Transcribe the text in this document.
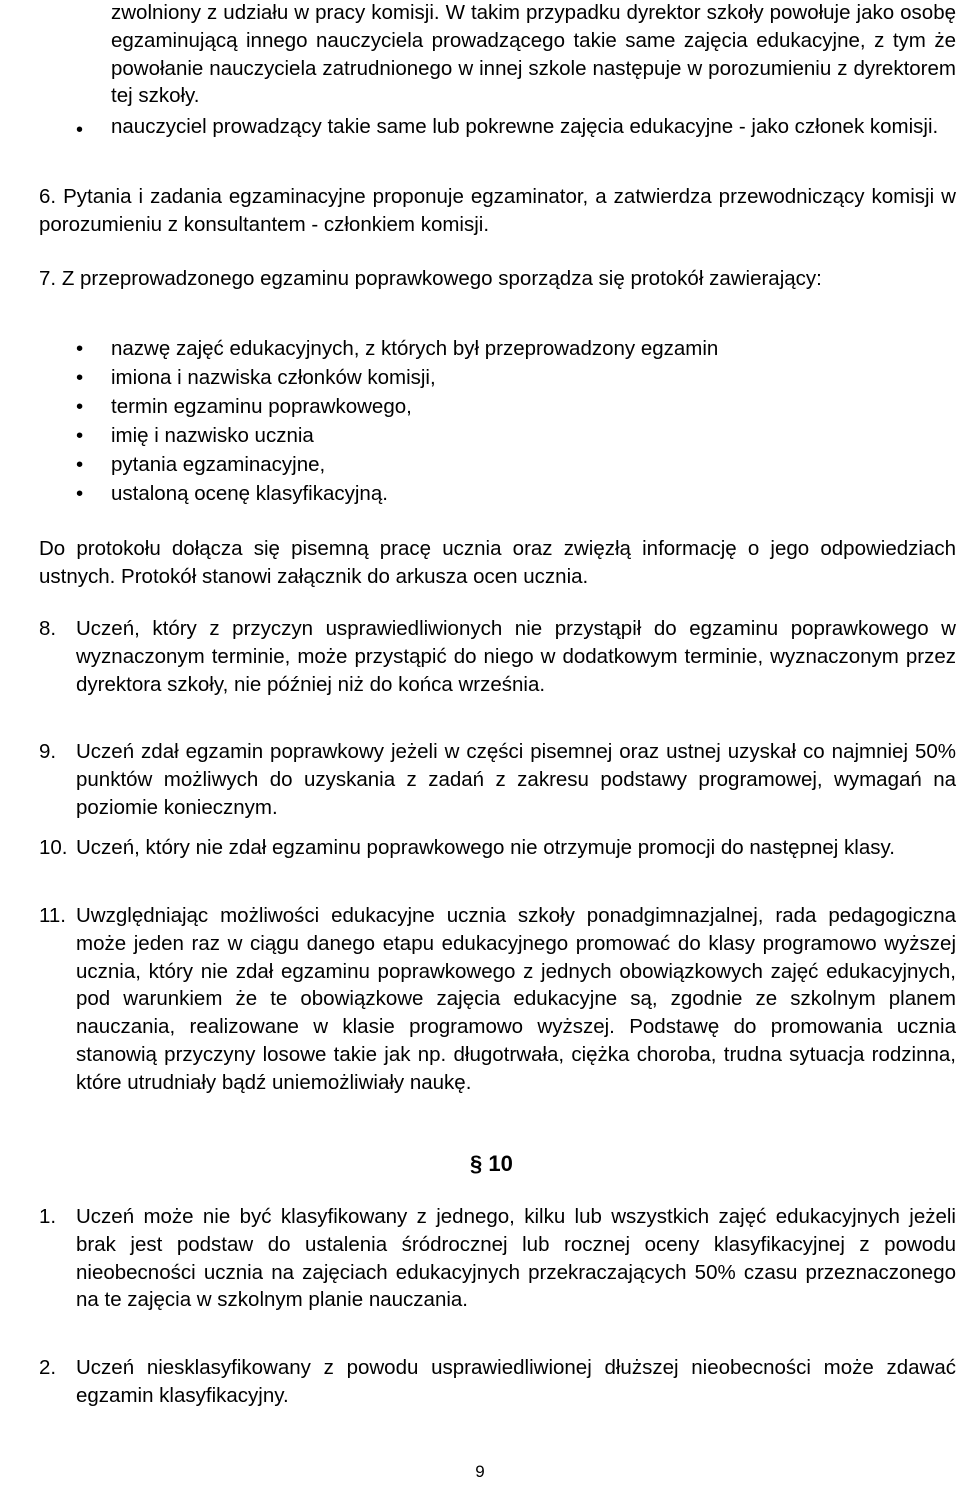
zwolniony z udziału w pracy komisji. W takim przypadku dyrektor szkoły powołuje jako osobę egzaminującą innego nauczyciela prowadzącego takie same zajęcia edukacyjne, z tym że powołanie nauczyciela zatrudnionego w innej szkole następuje w porozumieniu z dyrektorem tej szkoły.
• nauczyciel prowadzący takie same lub pokrewne zajęcia edukacyjne - jako członek komisji.
6. Pytania i zadania egzaminacyjne proponuje egzaminator, a zatwierdza przewodniczący komisji w porozumieniu z konsultantem - członkiem komisji.
7. Z przeprowadzonego egzaminu poprawkowego sporządza się protokół zawierający:
• nazwę zajęć edukacyjnych, z których był przeprowadzony egzamin
• imiona i nazwiska członków komisji,
• termin egzaminu poprawkowego,
• imię i nazwisko ucznia
• pytania egzaminacyjne,
• ustaloną ocenę klasyfikacyjną.
Do protokołu dołącza się pisemną pracę ucznia oraz zwięzłą informację o jego odpowiedziach ustnych. Protokół stanowi załącznik do arkusza ocen ucznia.
8. Uczeń, który z przyczyn usprawiedliwionych nie przystąpił do egzaminu poprawkowego w wyznaczonym terminie, może przystąpić do niego w dodatkowym terminie, wyznaczonym przez dyrektora szkoły, nie później niż do końca września.
9. Uczeń zdał egzamin poprawkowy jeżeli w części pisemnej oraz ustnej uzyskał co najmniej 50% punktów możliwych do uzyskania z zadań z zakresu podstawy programowej, wymagań na poziomie koniecznym.
10. Uczeń, który nie zdał egzaminu poprawkowego nie otrzymuje promocji do następnej klasy.
11. Uwzględniając możliwości edukacyjne ucznia szkoły ponadgimnazjalnej, rada pedagogiczna może jeden raz w ciągu danego etapu edukacyjnego promować do klasy programowo wyższej ucznia, który nie zdał egzaminu poprawkowego z jednych obowiązkowych zajęć edukacyjnych, pod warunkiem że te obowiązkowe zajęcia edukacyjne są, zgodnie ze szkolnym planem nauczania, realizowane w klasie programowo wyższej. Podstawę do promowania ucznia stanowią przyczyny losowe takie jak np. długotrwała, ciężka choroba, trudna sytuacja rodzinna, które utrudniały bądź uniemożliwiały naukę.
§ 10
1. Uczeń może nie być klasyfikowany z jednego, kilku lub wszystkich zajęć edukacyjnych jeżeli brak jest podstaw do ustalenia śródrocznej lub rocznej oceny klasyfikacyjnej z powodu nieobecności ucznia na zajęciach edukacyjnych przekraczających 50% czasu przeznaczonego na te zajęcia w szkolnym planie nauczania.
2. Uczeń niesklasyfikowany z powodu usprawiedliwionej dłuższej nieobecności może zdawać egzamin klasyfikacyjny.
9
